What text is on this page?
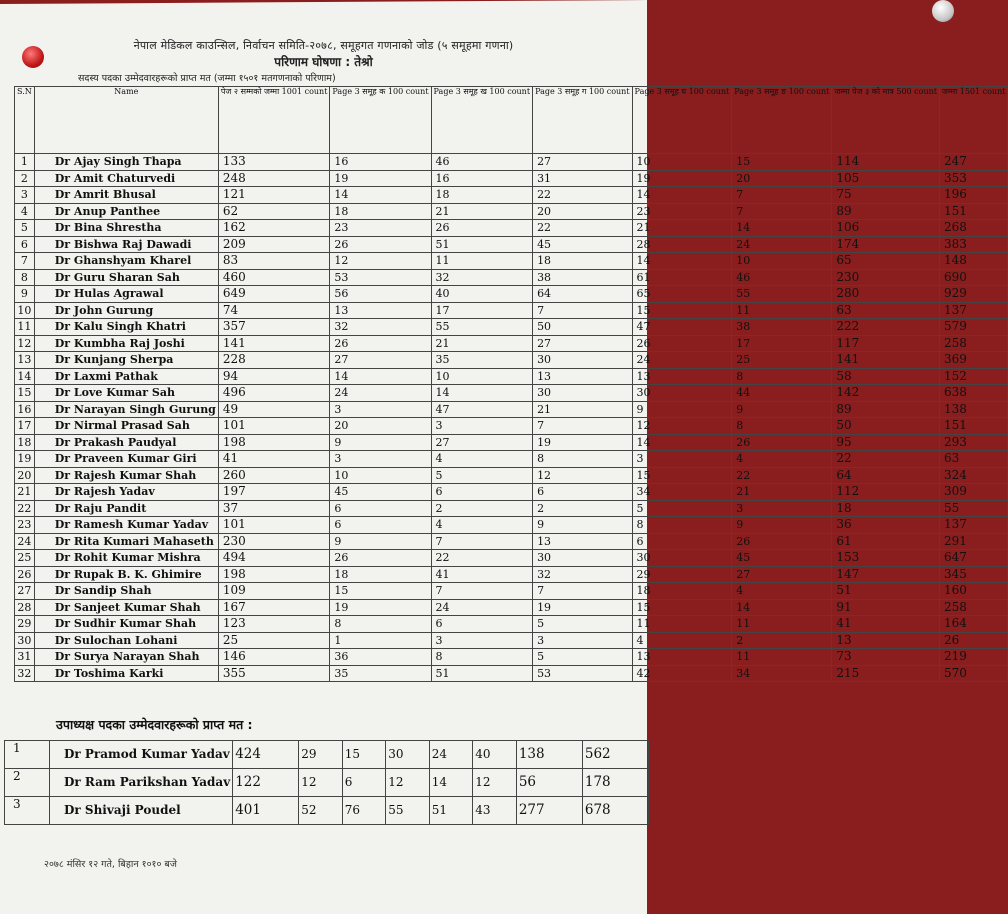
नेपाल मेडिकल काउन्सिल, निर्वाचन समिति-२०७८, समूहगत गणनाको जोड (५ समूहमा गणना)
परिणाम घोषणा : तेश्रो
सदस्य पदका उम्मेदवारहरूको प्राप्त मत (जम्मा १५०१ मतगणनाको परिणाम)
S.N	Name	पेज २ सम्मको जम्मा 1001 count	Page 3 समूह क 100 count	Page 3 समूह ख 100 count	Page 3 समूह ग 100 count	Page 3 समूह घ 100 count	Page 3 समूह ङ 100 count	जम्मा पेज ३ को मात्र 500 count	जम्मा 1501 count
1	Dr Ajay Singh Thapa	133	16	46	27	10	15	114	247
2	Dr Amit Chaturvedi	248	19	16	31	19	20	105	353
3	Dr Amrit Bhusal	121	14	18	22	14	7	75	196
4	Dr Anup Panthee	62	18	21	20	23	7	89	151
5	Dr Bina Shrestha	162	23	26	22	21	14	106	268
6	Dr Bishwa Raj Dawadi	209	26	51	45	28	24	174	383
7	Dr Ghanshyam Kharel	83	12	11	18	14	10	65	148
8	Dr Guru Sharan Sah	460	53	32	38	61	46	230	690
9	Dr Hulas Agrawal	649	56	40	64	65	55	280	929
10	Dr John Gurung	74	13	17	7	15	11	63	137
11	Dr Kalu Singh Khatri	357	32	55	50	47	38	222	579
12	Dr Kumbha Raj Joshi	141	26	21	27	26	17	117	258
13	Dr Kunjang Sherpa	228	27	35	30	24	25	141	369
14	Dr Laxmi Pathak	94	14	10	13	13	8	58	152
15	Dr Love Kumar Sah	496	24	14	30	30	44	142	638
16	Dr Narayan Singh Gurung	49	3	47	21	9	9	89	138
17	Dr Nirmal Prasad Sah	101	20	3	7	12	8	50	151
18	Dr Prakash Paudyal	198	9	27	19	14	26	95	293
19	Dr Praveen Kumar Giri	41	3	4	8	3	4	22	63
20	Dr Rajesh Kumar Shah	260	10	5	12	15	22	64	324
21	Dr Rajesh Yadav	197	45	6	6	34	21	112	309
22	Dr Raju Pandit	37	6	2	2	5	3	18	55
23	Dr Ramesh Kumar Yadav	101	6	4	9	8	9	36	137
24	Dr Rita Kumari Mahaseth	230	9	7	13	6	26	61	291
25	Dr Rohit Kumar Mishra	494	26	22	30	30	45	153	647
26	Dr Rupak B. K. Ghimire	198	18	41	32	29	27	147	345
27	Dr Sandip Shah	109	15	7	7	18	4	51	160
28	Dr Sanjeet Kumar Shah	167	19	24	19	15	14	91	258
29	Dr Sudhir Kumar Shah	123	8	6	5	11	11	41	164
30	Dr Sulochan Lohani	25	1	3	3	4	2	13	26
31	Dr Surya Narayan Shah	146	36	8	5	13	11	73	219
32	Dr Toshima Karki	355	35	51	53	42	34	215	570
उपाध्यक्ष पदका उम्मेदवारहरूको प्राप्त मत :
1	Dr Pramod Kumar Yadav	424	29	15	30	24	40	138	562
2	Dr Ram Parikshan Yadav	122	12	6	12	14	12	56	178
3	Dr Shivaji Poudel	401	52	76	55	51	43	277	678
२०७८ मंसिर १२ गते, बिहान १०१० बजे
